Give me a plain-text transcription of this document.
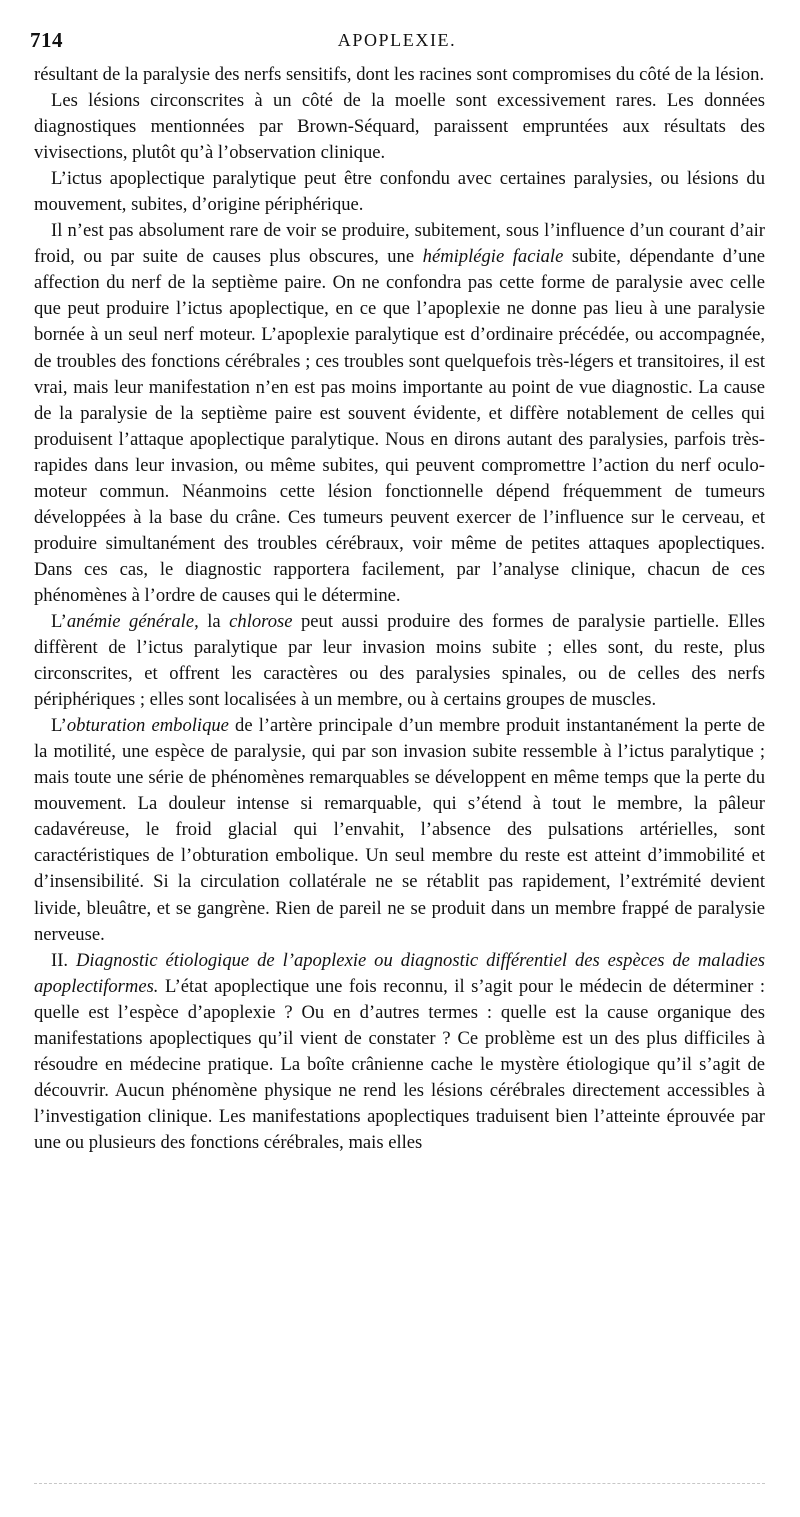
714	APOPLEXIE.

résultant de la paralysie des nerfs sensitifs, dont les racines sont compromises du côté de la lésion.

Les lésions circonscrites à un côté de la moelle sont excessivement rares. Les données diagnostiques mentionnées par Brown-Séquard, paraissent empruntées aux résultats des vivisections, plutôt qu’à l’observation clinique.

L’ictus apoplectique paralytique peut être confondu avec certaines paralysies, ou lésions du mouvement, subites, d’origine périphérique.

Il n’est pas absolument rare de voir se produire, subitement, sous l’influence d’un courant d’air froid, ou par suite de causes plus obscures, une hémiplégie faciale subite, dépendante d’une affection du nerf de la septième paire. On ne confondra pas cette forme de paralysie avec celle que peut produire l’ictus apoplectique, en ce que l’apoplexie ne donne pas lieu à une paralysie bornée à un seul nerf moteur. L’apoplexie paralytique est d’ordinaire précédée, ou accompagnée, de troubles des fonctions cérébrales ; ces troubles sont quelquefois très-légers et transitoires, il est vrai, mais leur manifestation n’en est pas moins importante au point de vue diagnostic. La cause de la paralysie de la septième paire est souvent évidente, et diffère notablement de celles qui produisent l’attaque apoplectique paralytique. Nous en dirons autant des paralysies, parfois très-rapides dans leur invasion, ou même subites, qui peuvent compromettre l’action du nerf oculo-moteur commun. Néanmoins cette lésion fonctionnelle dépend fréquemment de tumeurs développées à la base du crâne. Ces tumeurs peuvent exercer de l’influence sur le cerveau, et produire simultanément des troubles cérébraux, voir même de petites attaques apoplectiques. Dans ces cas, le diagnostic rapportera facilement, par l’analyse clinique, chacun de ces phénomènes à l’ordre de causes qui le détermine.

L’anémie générale, la chlorose peut aussi produire des formes de paralysie partielle. Elles diffèrent de l’ictus paralytique par leur invasion moins subite ; elles sont, du reste, plus circonscrites, et offrent les caractères ou des paralysies spinales, ou de celles des nerfs périphériques ; elles sont localisées à un membre, ou à certains groupes de muscles.

L’obturation embolique de l’artère principale d’un membre produit instantanément la perte de la motilité, une espèce de paralysie, qui par son invasion subite ressemble à l’ictus paralytique ; mais toute une série de phénomènes remarquables se développent en même temps que la perte du mouvement. La douleur intense si remarquable, qui s’étend à tout le membre, la pâleur cadavéreuse, le froid glacial qui l’envahit, l’absence des pulsations artérielles, sont caractéristiques de l’obturation embolique. Un seul membre du reste est atteint d’immobilité et d’insensibilité. Si la circulation collatérale ne se rétablit pas rapidement, l’extrémité devient livide, bleuâtre, et se gangrène. Rien de pareil ne se produit dans un membre frappé de paralysie nerveuse.

II. Diagnostic étiologique de l’apoplexie ou diagnostic différentiel des espèces de maladies apoplectiformes. L’état apoplectique une fois reconnu, il s’agit pour le médecin de déterminer : quelle est l’espèce d’apoplexie ? Ou en d’autres termes : quelle est la cause organique des manifestations apoplectiques qu’il vient de constater ? Ce problème est un des plus difficiles à résoudre en médecine pratique. La boîte crânienne cache le mystère étiologique qu’il s’agit de découvrir. Aucun phénomène physique ne rend les lésions cérébrales directement accessibles à l’investigation clinique. Les manifestations apoplectiques traduisent bien l’atteinte éprouvée par une ou plusieurs des fonctions cérébrales, mais elles
